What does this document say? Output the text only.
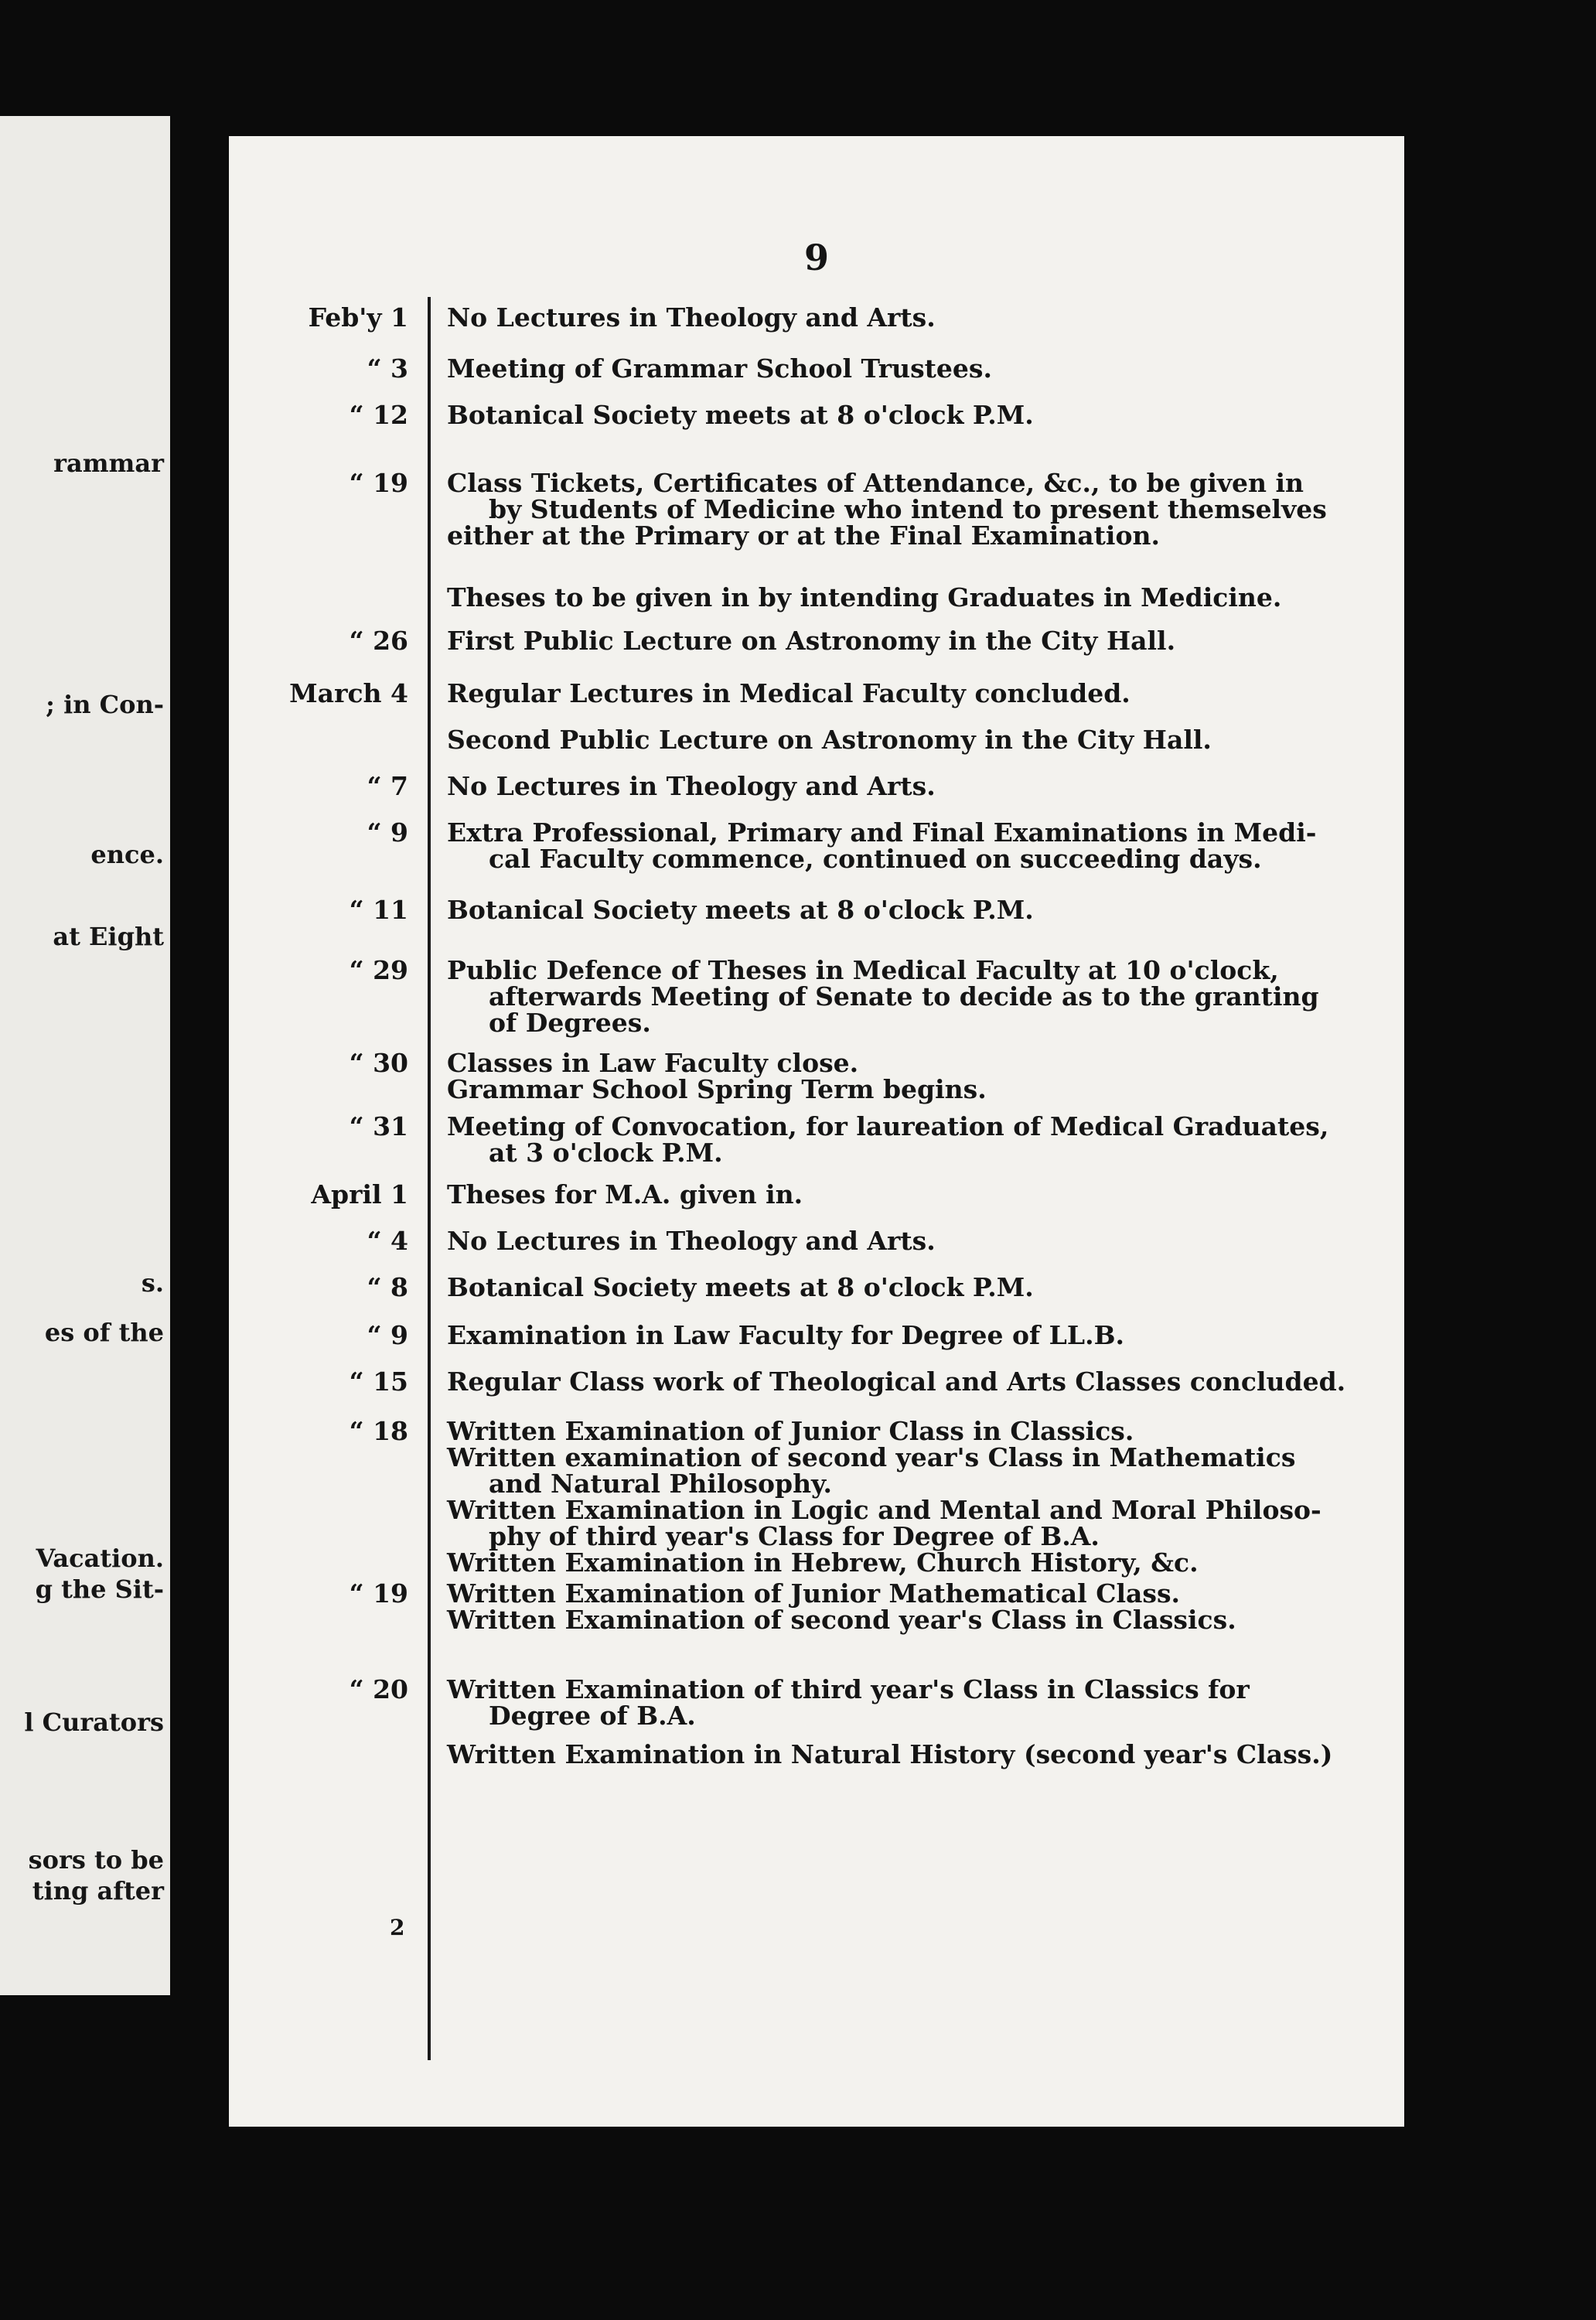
rammar
; in Con-
ence.
at Eight
s.
es of the
Vacation.
g the Sit-
l Curators
sors to be
ting after
9
Feb'y 1 No Lectures in Theology and Arts.
“ 3 Meeting of Grammar School Trustees.
“ 12 Botanical Society meets at 8 o'clock P.M.
“ 19 Class Tickets, Certificates of Attendance, &c., to be given in
by Students of Medicine who intend to present themselves
either at the Primary or at the Final Examination.
Theses to be given in by intending Graduates in Medicine.
“ 26 First Public Lecture on Astronomy in the City Hall.
March 4 Regular Lectures in Medical Faculty concluded.
Second Public Lecture on Astronomy in the City Hall.
“ 7 No Lectures in Theology and Arts.
“ 9 Extra Professional, Primary and Final Examinations in Medi-
cal Faculty commence, continued on succeeding days.
“ 11 Botanical Society meets at 8 o'clock P.M.
“ 29 Public Defence of Theses in Medical Faculty at 10 o'clock,
afterwards Meeting of Senate to decide as to the granting
of Degrees.
“ 30 Classes in Law Faculty close.
Grammar School Spring Term begins.
“ 31 Meeting of Convocation, for laureation of Medical Graduates,
at 3 o'clock P.M.
April 1 Theses for M.A. given in.
“ 4 No Lectures in Theology and Arts.
“ 8 Botanical Society meets at 8 o'clock P.M.
“ 9 Examination in Law Faculty for Degree of LL.B.
“ 15 Regular Class work of Theological and Arts Classes concluded.
“ 18 Written Examination of Junior Class in Classics.
Written examination of second year's Class in Mathematics
and Natural Philosophy.
Written Examination in Logic and Mental and Moral Philoso-
phy of third year's Class for Degree of B.A.
Written Examination in Hebrew, Church History, &c.
“ 19 Written Examination of Junior Mathematical Class.
Written Examination of second year's Class in Classics.
“ 20 Written Examination of third year's Class in Classics for
Degree of B.A.
Written Examination in Natural History (second year's Class.)
2
